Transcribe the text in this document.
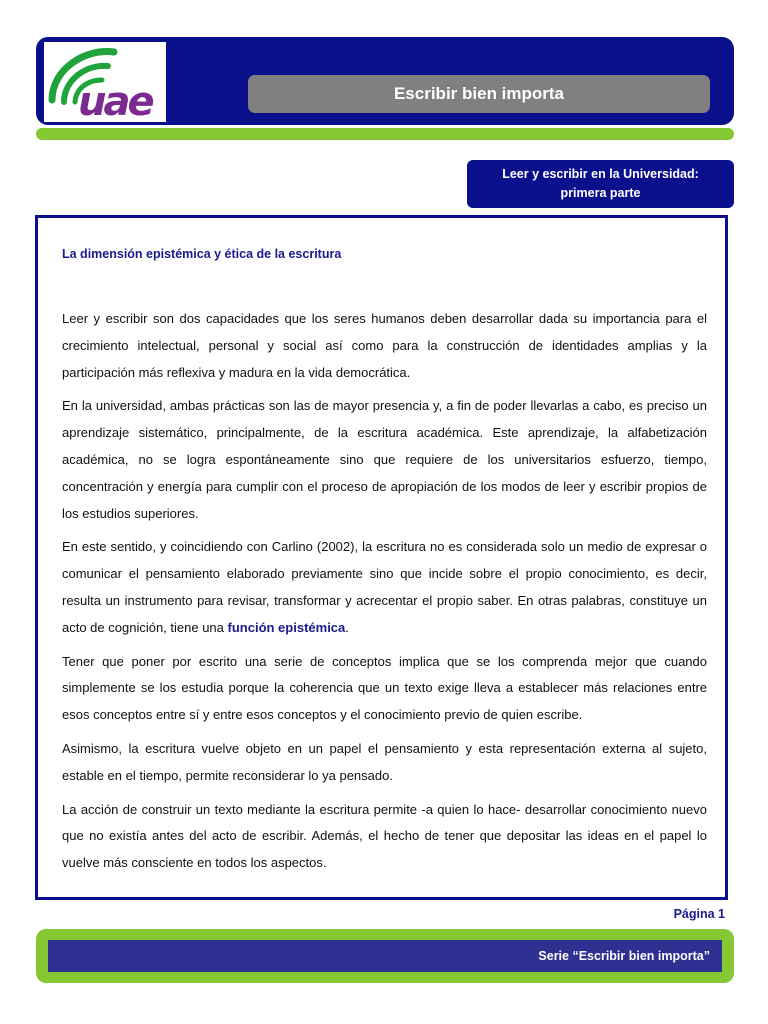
uae	Escribir bien importa
Leer y escribir en la Universidad:
primera parte
La dimensión epistémica y ética de la escritura

Leer y escribir son dos capacidades que los seres humanos deben desarrollar dada su importancia para el crecimiento intelectual, personal y social así como para la construcción de identidades amplias y la participación más reflexiva y madura en la vida democrática.

En la universidad, ambas prácticas son las de mayor presencia y, a fin de poder llevarlas a cabo, es preciso un aprendizaje sistemático, principalmente, de la escritura académica. Este aprendizaje, la alfabetización académica, no se logra espontáneamente sino que requiere de los universitarios esfuerzo, tiempo, concentración y energía para cumplir con el proceso de apropiación de los modos de leer y escribir propios de los estudios superiores.

En este sentido, y coincidiendo con Carlino (2002), la escritura no es considerada solo un medio de expresar o comunicar el pensamiento elaborado previamente sino que incide sobre el propio conocimiento, es decir, resulta un instrumento para revisar, transformar y acrecentar el propio saber. En otras palabras, constituye un acto de cognición, tiene una función epistémica.

Tener que poner por escrito una serie de conceptos implica que se los comprenda mejor que cuando simplemente se los estudia porque la coherencia que un texto exige lleva a establecer más relaciones entre esos conceptos entre sí y entre esos conceptos y el conocimiento previo de quien escribe.

Asimismo, la escritura vuelve objeto en un papel el pensamiento y esta representación externa al sujeto, estable en el tiempo, permite reconsiderar lo ya pensado.

La acción de construir un texto mediante la escritura permite -a quien lo hace- desarrollar conocimiento nuevo que no existía antes del acto de escribir. Además, el hecho de tener que depositar las ideas en el papel lo vuelve más consciente en todos los aspectos.

Página 1
Serie “Escribir bien importa”
